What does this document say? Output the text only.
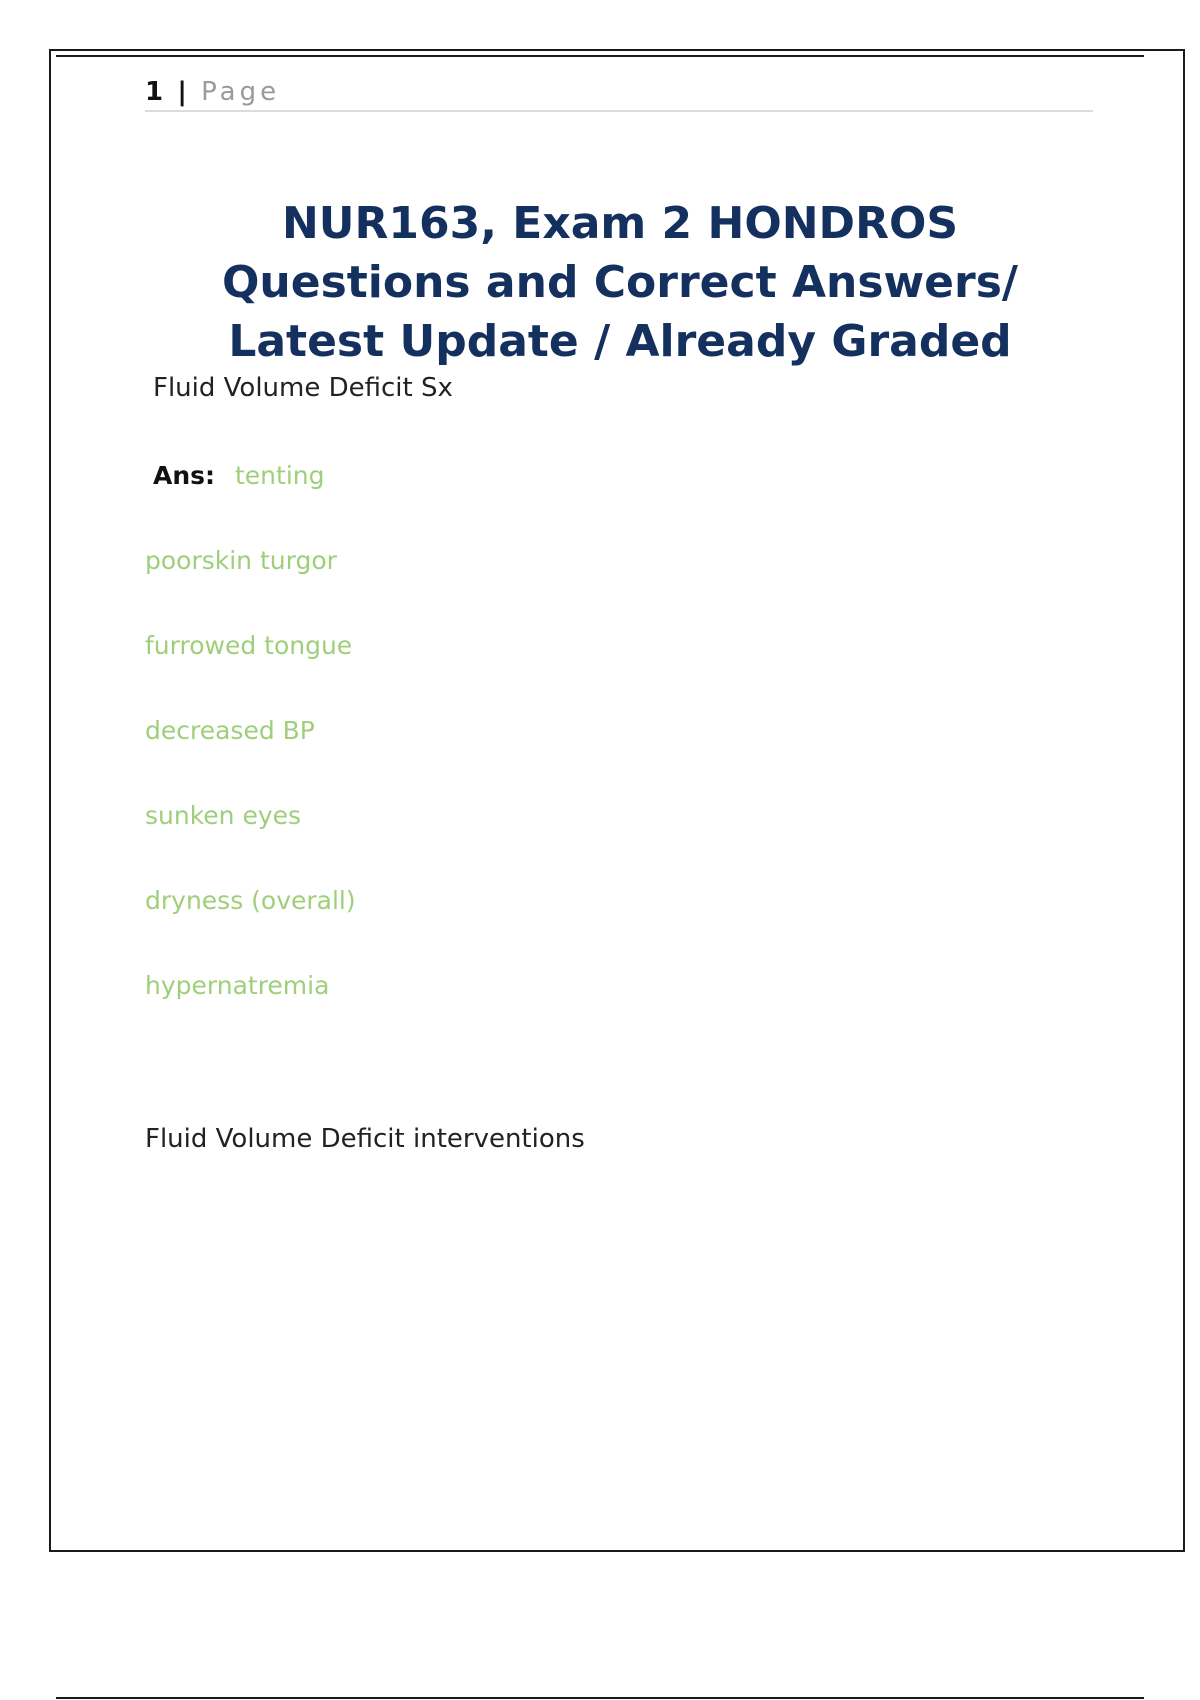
1 | Page
NUR163, Exam 2 HONDROS Questions and Correct Answers/ Latest Update / Already Graded
Fluid Volume Deficit Sx
Ans: tenting
poorskin turgor
furrowed tongue
decreased BP
sunken eyes
dryness (overall)
hypernatremia
Fluid Volume Deficit interventions
